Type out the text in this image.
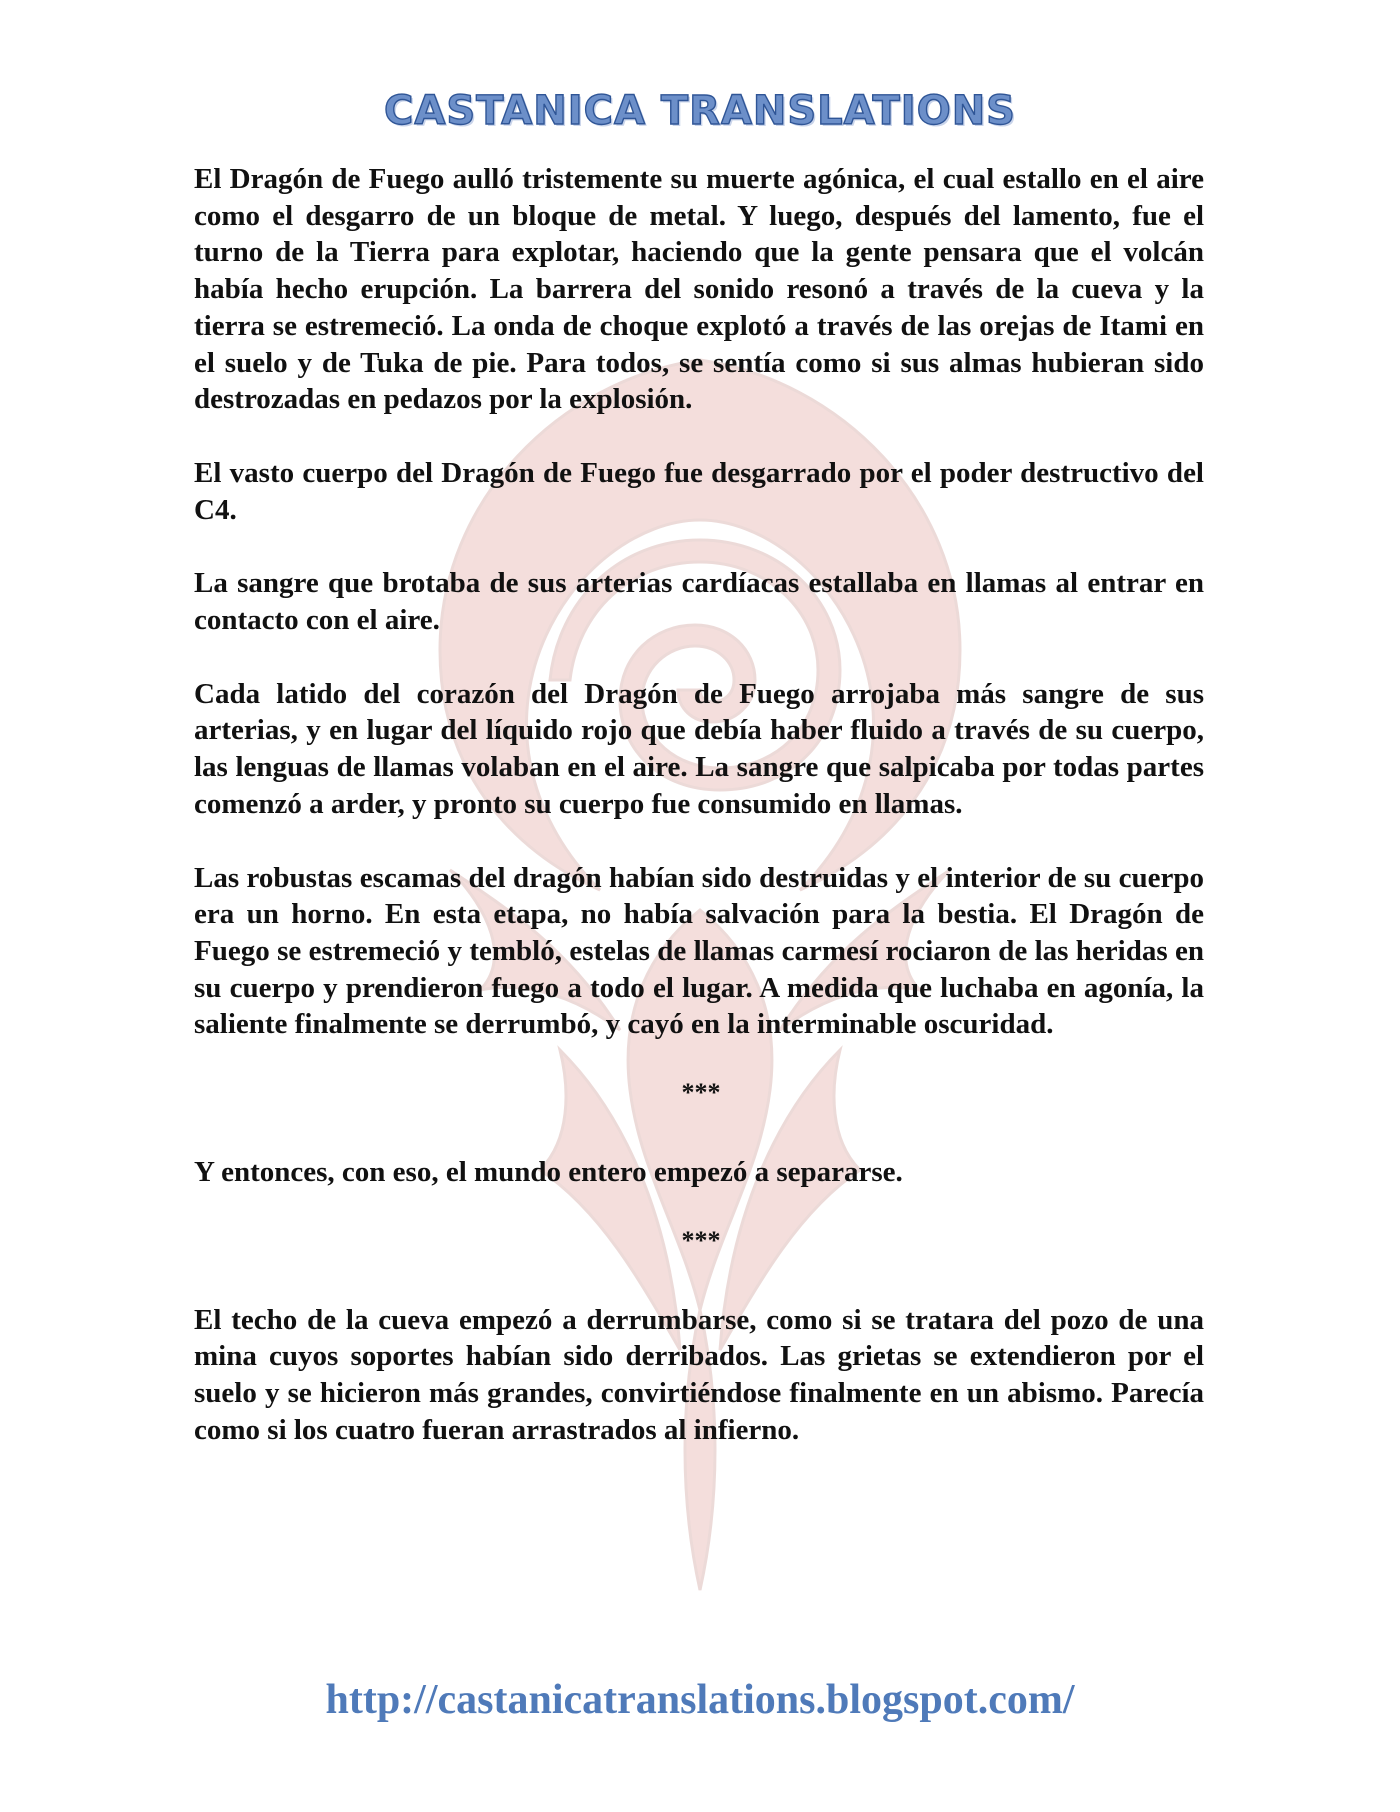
CASTANICA TRANSLATIONS

El Dragón de Fuego aulló tristemente su muerte agónica, el cual estallo en el aire como el desgarro de un bloque de metal. Y luego, después del lamento, fue el turno de la Tierra para explotar, haciendo que la gente pensara que el volcán había hecho erupción. La barrera del sonido resonó a través de la cueva y la tierra se estremeció. La onda de choque explotó a través de las orejas de Itami en el suelo y de Tuka de pie. Para todos, se sentía como si sus almas hubieran sido destrozadas en pedazos por la explosión.

El vasto cuerpo del Dragón de Fuego fue desgarrado por el poder destructivo del C4.

La sangre que brotaba de sus arterias cardíacas estallaba en llamas al entrar en contacto con el aire.

Cada latido del corazón del Dragón de Fuego arrojaba más sangre de sus arterias, y en lugar del líquido rojo que debía haber fluido a través de su cuerpo, las lenguas de llamas volaban en el aire. La sangre que salpicaba por todas partes comenzó a arder, y pronto su cuerpo fue consumido en llamas.

Las robustas escamas del dragón habían sido destruidas y el interior de su cuerpo era un horno. En esta etapa, no había salvación para la bestia. El Dragón de Fuego se estremeció y tembló, estelas de llamas carmesí rociaron de las heridas en su cuerpo y prendieron fuego a todo el lugar. A medida que luchaba en agonía, la saliente finalmente se derrumbó, y cayó en la interminable oscuridad.

***

Y entonces, con eso, el mundo entero empezó a separarse.

***

El techo de la cueva empezó a derrumbarse, como si se tratara del pozo de una mina cuyos soportes habían sido derribados. Las grietas se extendieron por el suelo y se hicieron más grandes, convirtiéndose finalmente en un abismo. Parecía como si los cuatro fueran arrastrados al infierno.

http://castanicatranslations.blogspot.com/
